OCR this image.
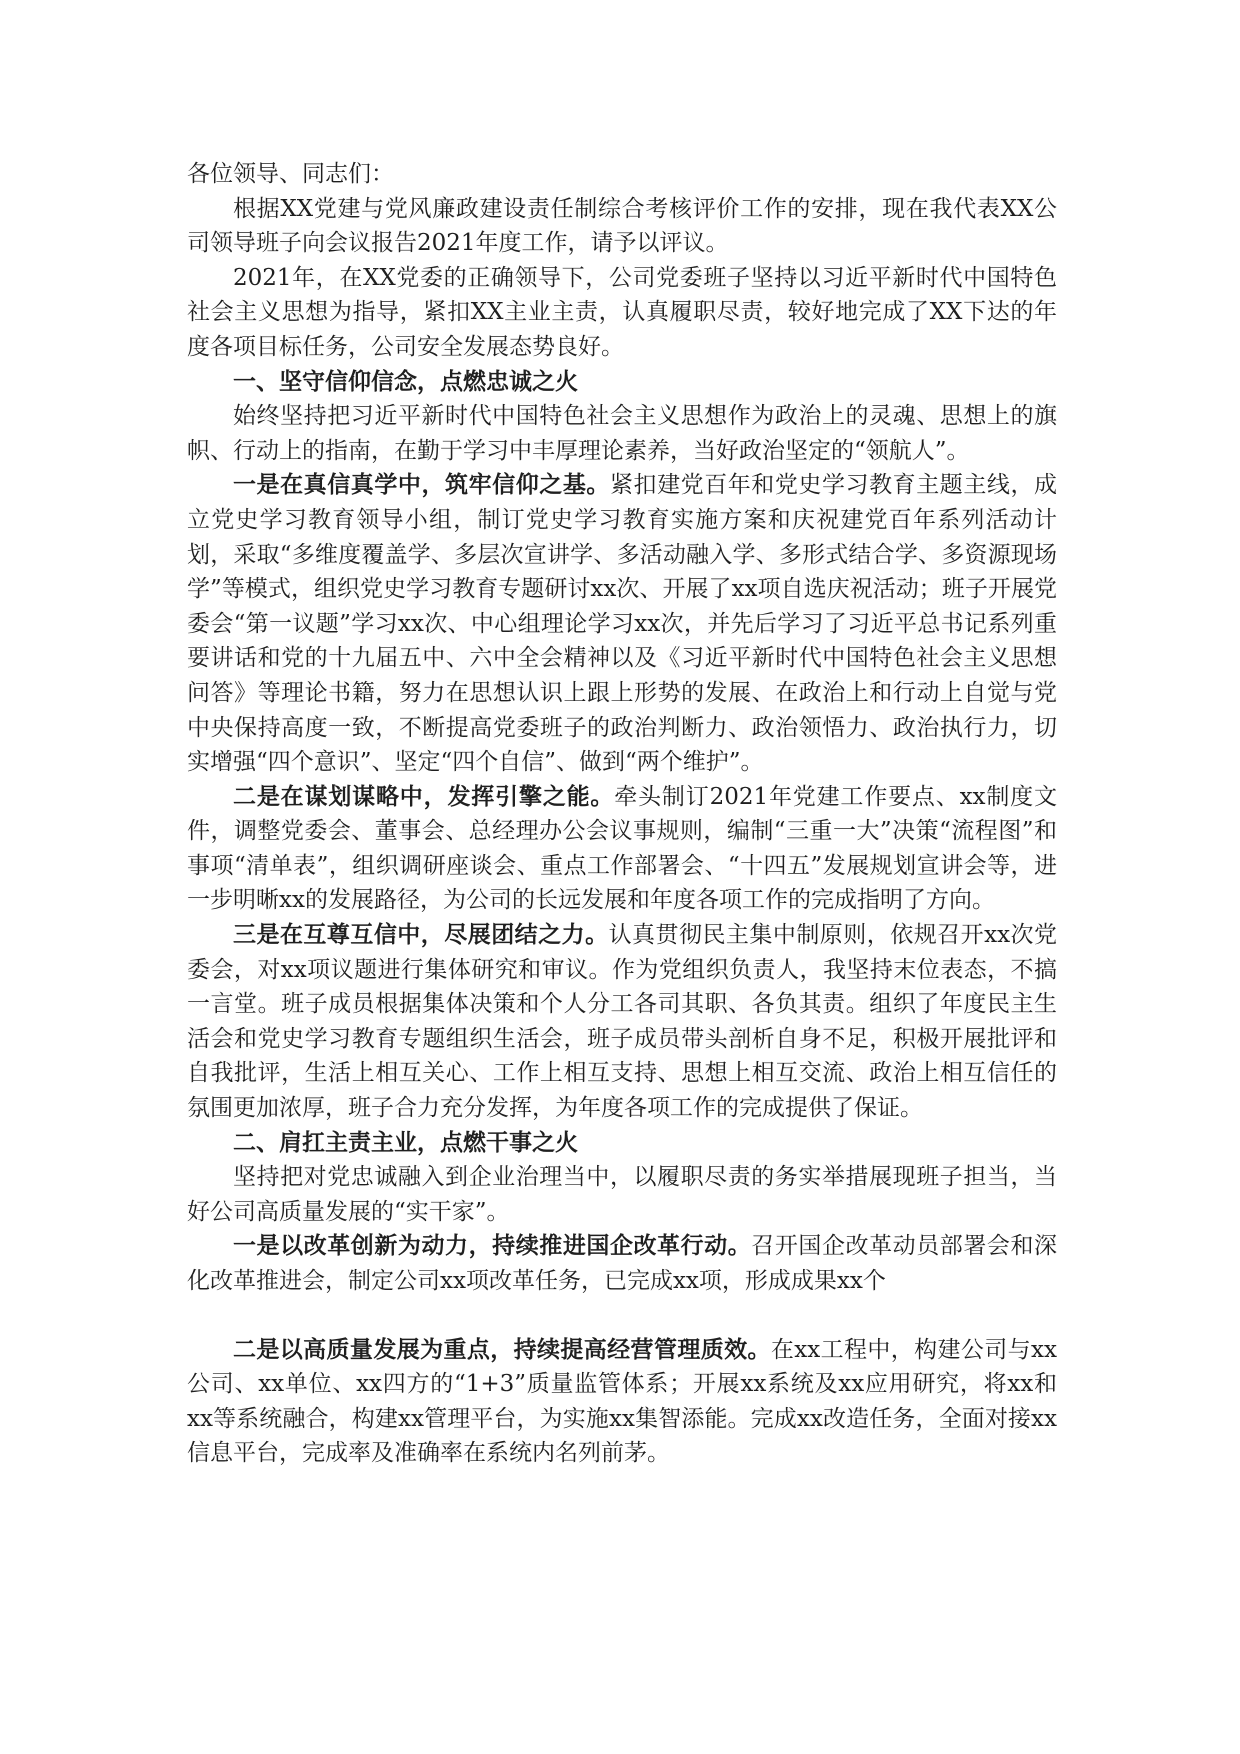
各位领导、同志们：

根据XX党建与党风廉政建设责任制综合考核评价工作的安排，现在我代表XX公司领导班子向会议报告2021年度工作，请予以评议。

2021年，在XX党委的正确领导下，公司党委班子坚持以习近平新时代中国特色社会主义思想为指导，紧扣XX主业主责，认真履职尽责，较好地完成了XX下达的年度各项目标任务，公司安全发展态势良好。

一、坚守信仰信念，点燃忠诚之火

始终坚持把习近平新时代中国特色社会主义思想作为政治上的灵魂、思想上的旗帜、行动上的指南，在勤于学习中丰厚理论素养，当好政治坚定的“领航人”。

一是在真信真学中，筑牢信仰之基。紧扣建党百年和党史学习教育主题主线，成立党史学习教育领导小组，制订党史学习教育实施方案和庆祝建党百年系列活动计划，采取“多维度覆盖学、多层次宣讲学、多活动融入学、多形式结合学、多资源现场学”等模式，组织党史学习教育专题研讨xx次、开展了xx项自选庆祝活动；班子开展党委会“第一议题”学习xx次、中心组理论学习xx次，并先后学习了习近平总书记系列重要讲话和党的十九届五中、六中全会精神以及《习近平新时代中国特色社会主义思想问答》等理论书籍，努力在思想认识上跟上形势的发展、在政治上和行动上自觉与党中央保持高度一致，不断提高党委班子的政治判断力、政治领悟力、政治执行力，切实增强“四个意识”、坚定“四个自信”、做到“两个维护”。

二是在谋划谋略中，发挥引擎之能。牵头制订2021年党建工作要点、xx制度文件，调整党委会、董事会、总经理办公会议事规则，编制“三重一大”决策“流程图”和事项“清单表”，组织调研座谈会、重点工作部署会、“十四五”发展规划宣讲会等，进一步明晰xx的发展路径，为公司的长远发展和年度各项工作的完成指明了方向。

三是在互尊互信中，尽展团结之力。认真贯彻民主集中制原则，依规召开xx次党委会，对xx项议题进行集体研究和审议。作为党组织负责人，我坚持末位表态，不搞一言堂。班子成员根据集体决策和个人分工各司其职、各负其责。组织了年度民主生活会和党史学习教育专题组织生活会，班子成员带头剖析自身不足，积极开展批评和自我批评，生活上相互关心、工作上相互支持、思想上相互交流、政治上相互信任的氛围更加浓厚，班子合力充分发挥，为年度各项工作的完成提供了保证。

二、肩扛主责主业，点燃干事之火

坚持把对党忠诚融入到企业治理当中，以履职尽责的务实举措展现班子担当，当好公司高质量发展的“实干家”。

一是以改革创新为动力，持续推进国企改革行动。召开国企改革动员部署会和深化改革推进会，制定公司xx项改革任务，已完成xx项，形成成果xx个

二是以高质量发展为重点，持续提高经营管理质效。在xx工程中，构建公司与xx公司、xx单位、xx四方的“1+3”质量监管体系；开展xx系统及xx应用研究，将xx和xx等系统融合，构建xx管理平台，为实施xx集智添能。完成xx改造任务，全面对接xx信息平台，完成率及准确率在系统内名列前茅。
